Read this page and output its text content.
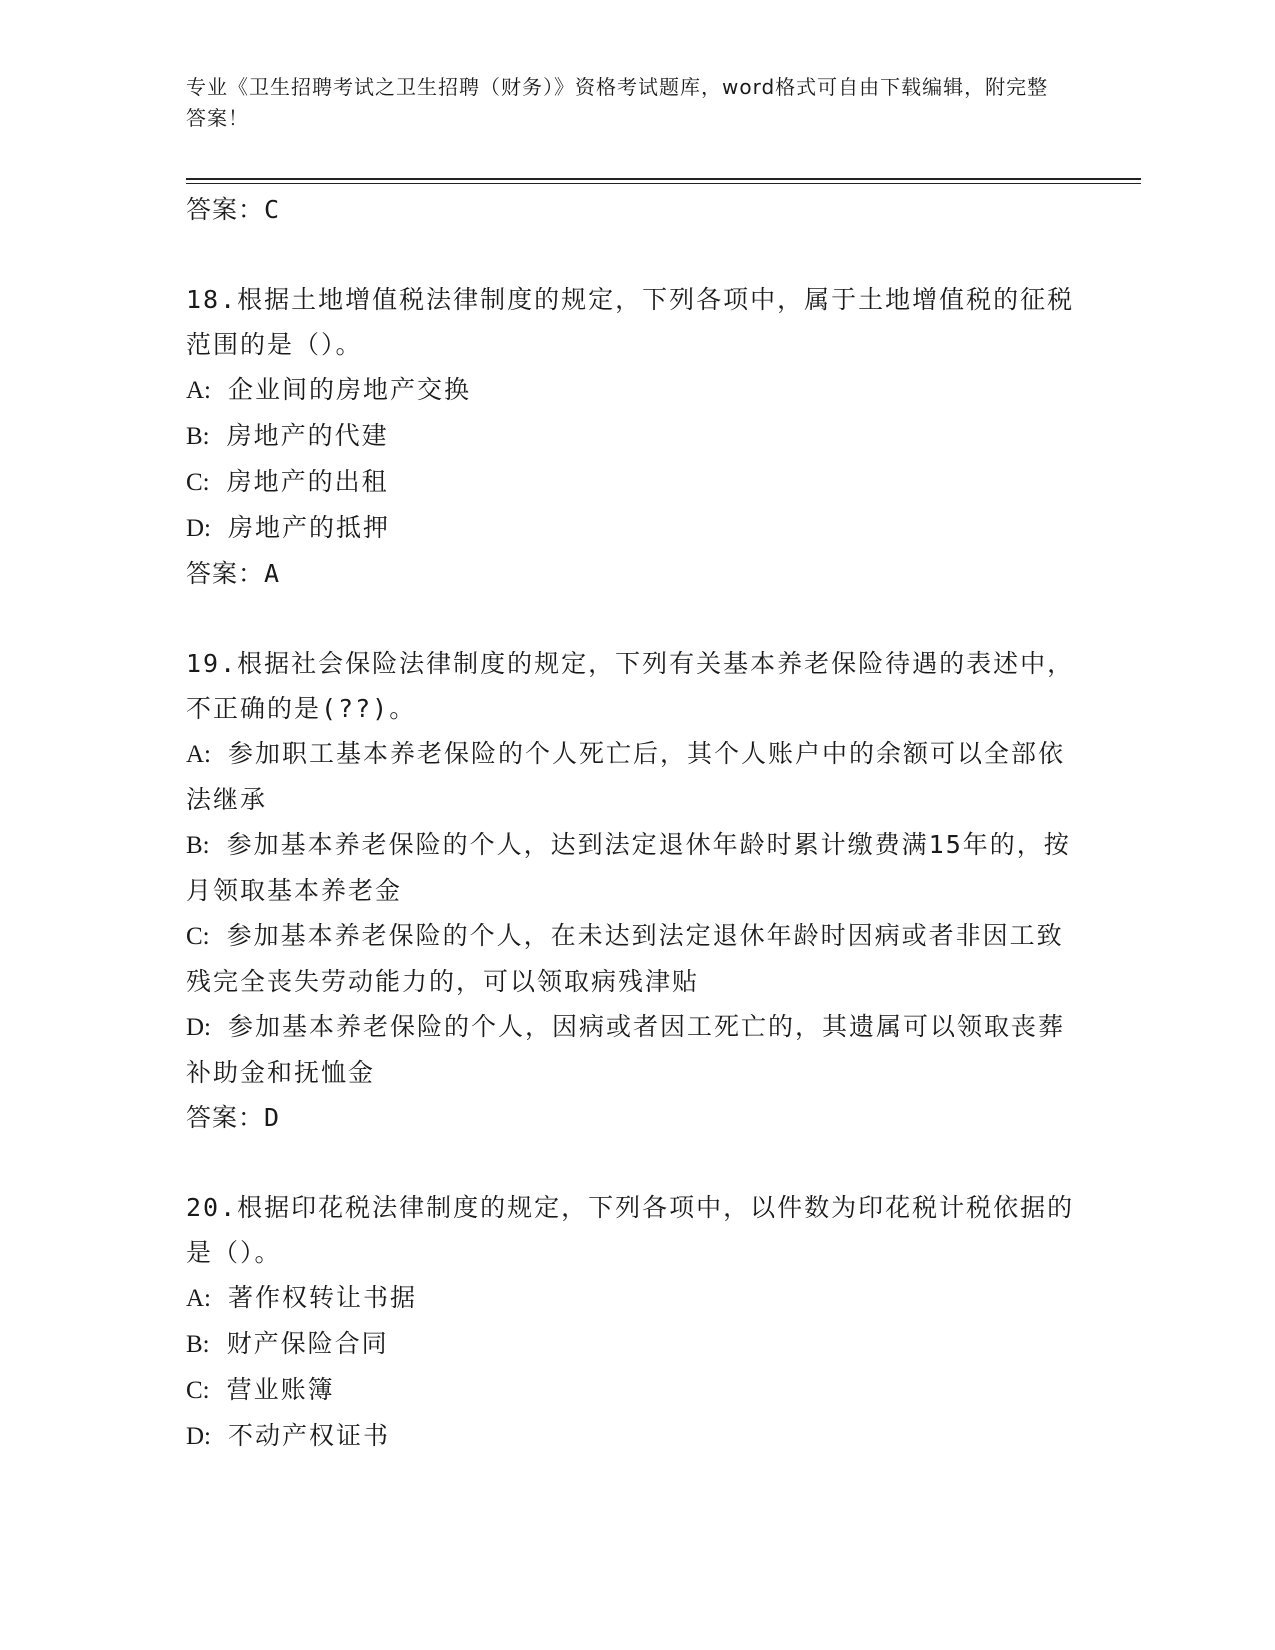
专业《卫生招聘考试之卫生招聘（财务）》资格考试题库，word格式可自由下载编辑，附完整答案！
答案：C
18.根据土地增值税法律制度的规定，下列各项中，属于土地增值税的征税范围的是（）。
A: 企业间的房地产交换
B: 房地产的代建
C: 房地产的出租
D: 房地产的抵押
答案：A
19.根据社会保险法律制度的规定，下列有关基本养老保险待遇的表述中，不正确的是(??)。
A: 参加职工基本养老保险的个人死亡后，其个人账户中的余额可以全部依法继承
B: 参加基本养老保险的个人，达到法定退休年龄时累计缴费满15年的，按月领取基本养老金
C: 参加基本养老保险的个人，在未达到法定退休年龄时因病或者非因工致残完全丧失劳动能力的，可以领取病残津贴
D: 参加基本养老保险的个人，因病或者因工死亡的，其遗属可以领取丧葬补助金和抚恤金
答案：D
20.根据印花税法律制度的规定，下列各项中，以件数为印花税计税依据的是（）。
A: 著作权转让书据
B: 财产保险合同
C: 营业账簿
D: 不动产权证书
